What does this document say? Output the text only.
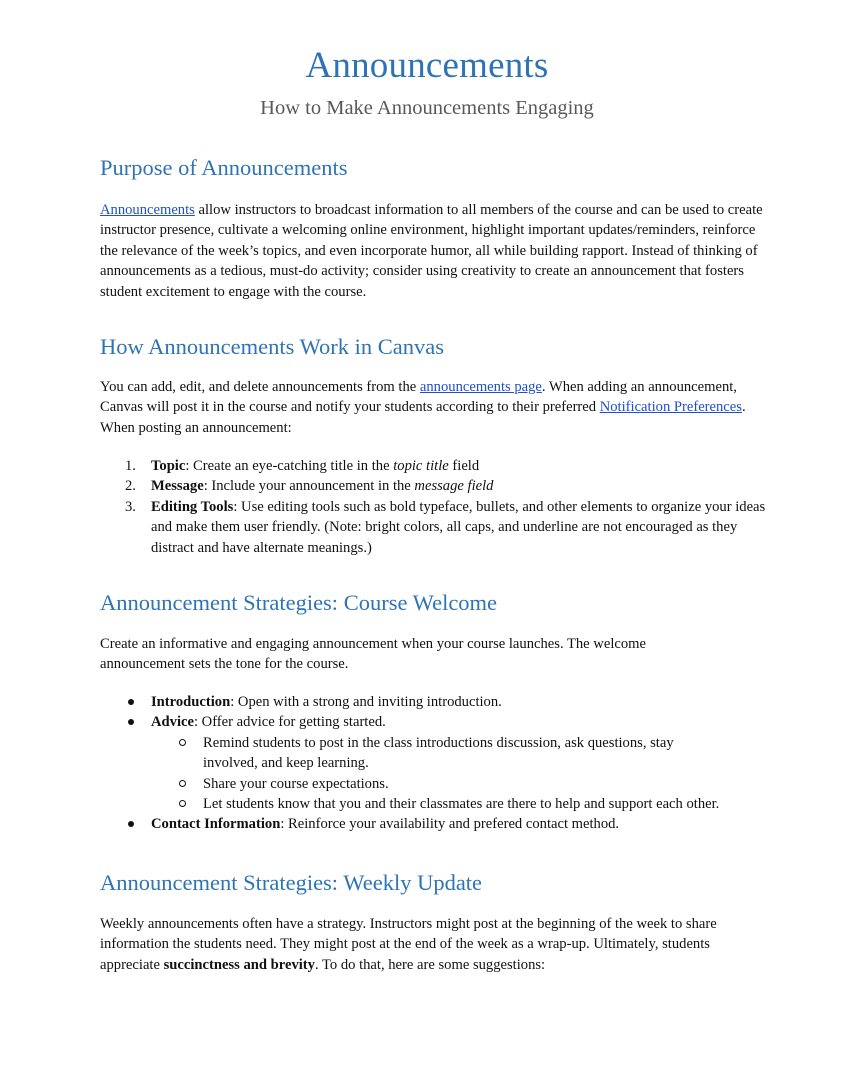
Announcements
How to Make Announcements Engaging
Purpose of Announcements

Announcements allow instructors to broadcast information to all members of the course and can be used to create instructor presence, cultivate a welcoming online environment, highlight important updates/reminders, reinforce the relevance of the week’s topics, and even incorporate humor, all while building rapport. Instead of thinking of announcements as a tedious, must-do activity; consider using creativity to create an announcement that fosters student excitement to engage with the course.

How Announcements Work in Canvas

You can add, edit, and delete announcements from the announcements page. When adding an announcement, Canvas will post it in the course and notify your students according to their preferred Notification Preferences. When posting an announcement:

1.	Topic: Create an eye-catching title in the topic title field
2.	Message: Include your announcement in the message field
3.	Editing Tools: Use editing tools such as bold typeface, bullets, and other elements to organize your ideas and make them user friendly. (Note: bright colors, all caps, and underline are not encouraged as they distract and have alternate meanings.)
Announcement Strategies: Course Welcome

Create an informative and engaging announcement when your course launches. The welcome announcement sets the tone for the course.

Introduction: Open with a strong and inviting introduction.
Advice: Offer advice for getting started.
Remind students to post in the class introductions discussion, ask questions, stay involved, and keep learning.
Share your course expectations.
Let students know that you and their classmates are there to help and support each other.
Contact Information: Reinforce your availability and prefered contact method.
Announcement Strategies: Weekly Update

Weekly announcements often have a strategy. Instructors might post at the beginning of the week to share information the students need. They might post at the end of the week as a wrap-up. Ultimately, students appreciate succinctness and brevity. To do that, here are some suggestions:
